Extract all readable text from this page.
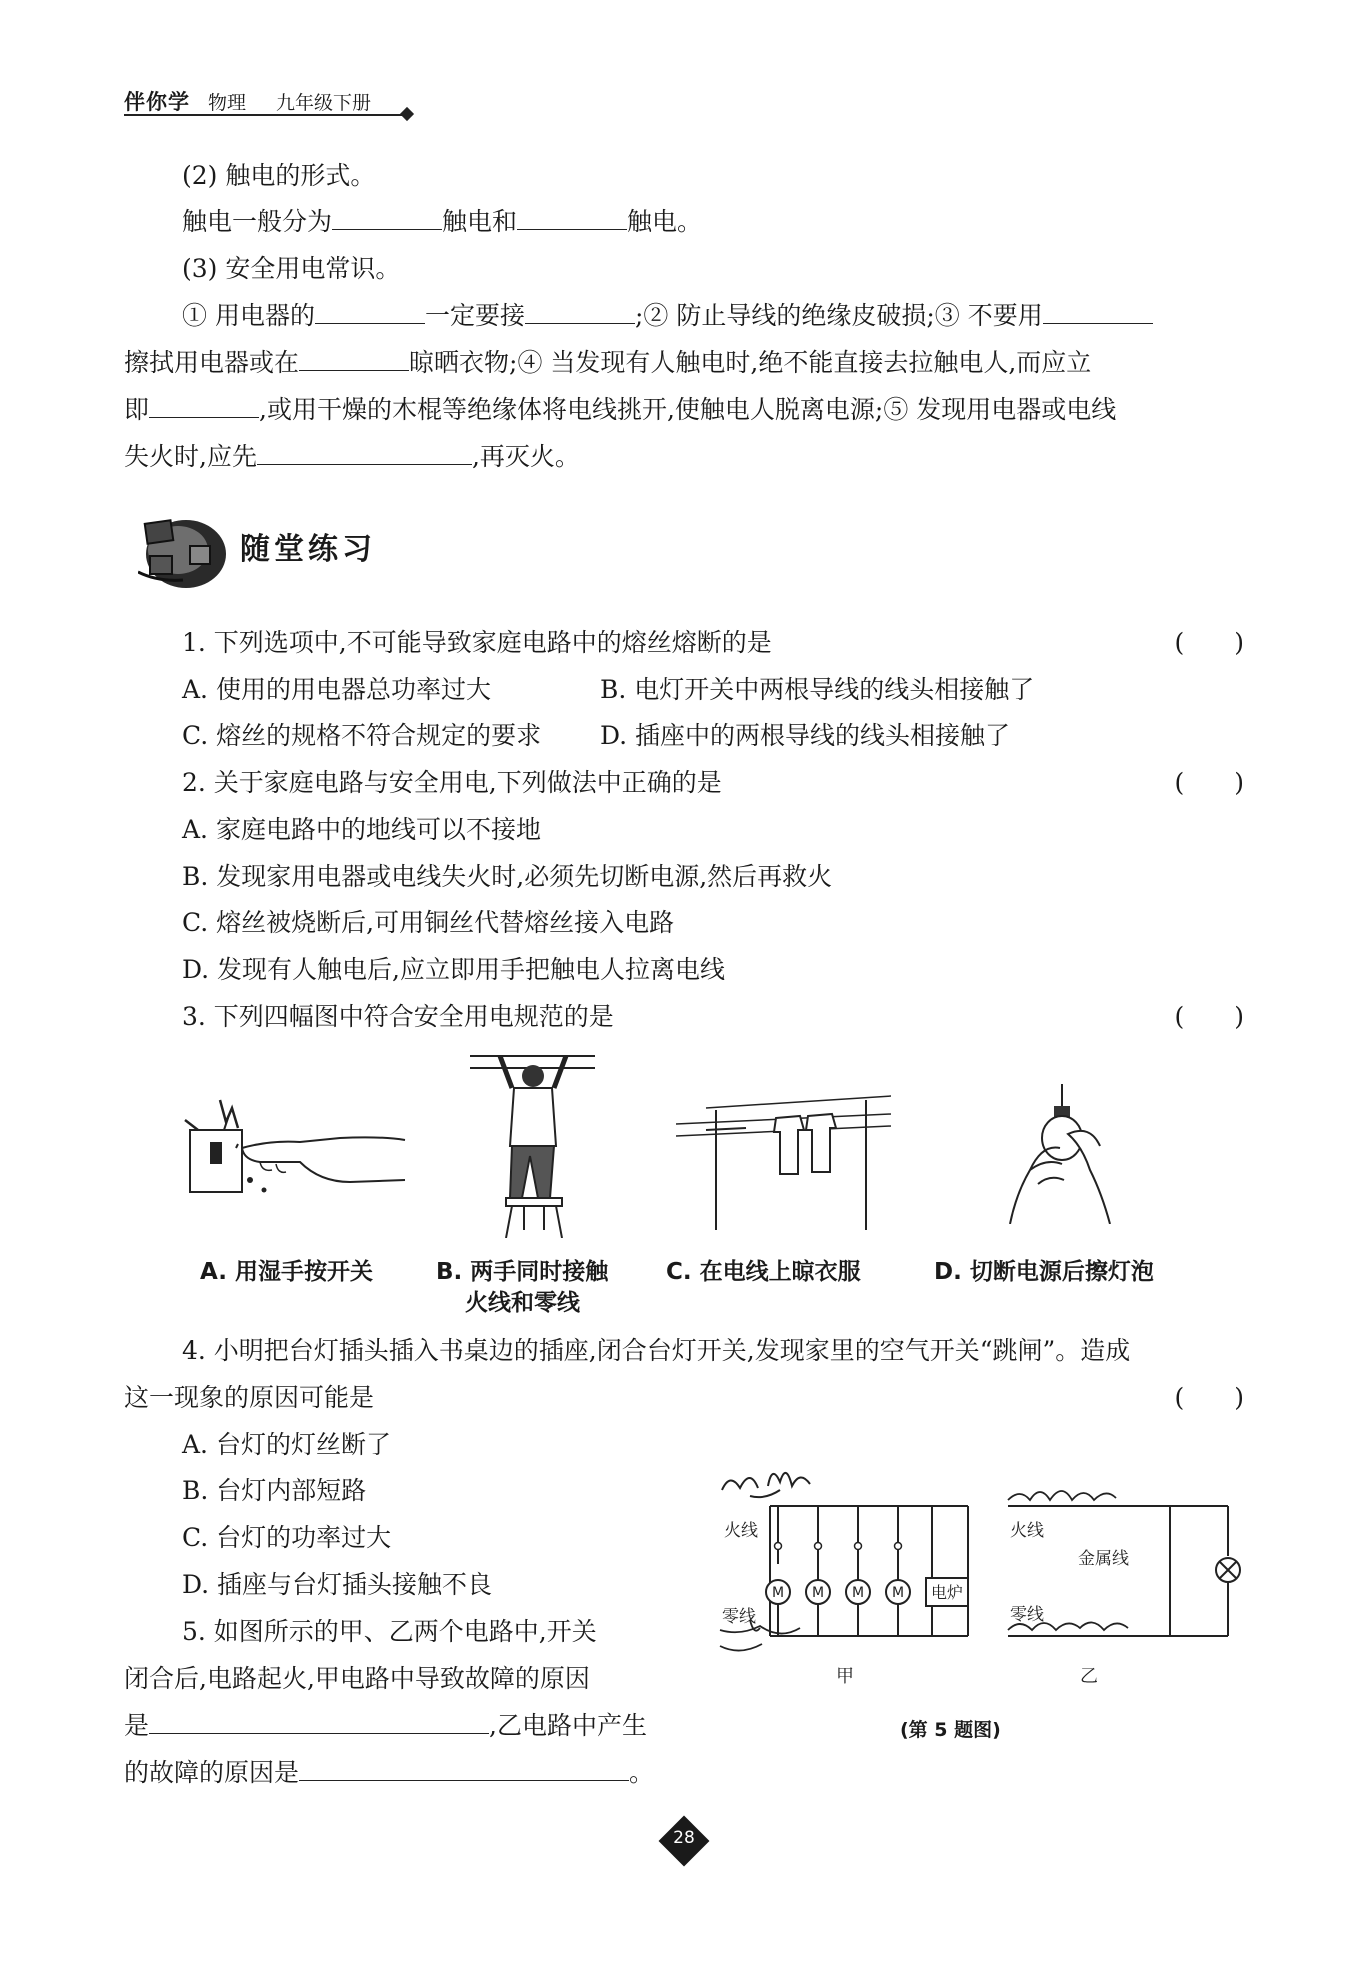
伴你学 物理 九年级下册
(2) 触电的形式。
触电一般分为	触电和	触电。
(3) 安全用电常识。
① 用电器的	一定要接	;② 防止导线的绝缘皮破损;③ 不要用
擦拭用电器或在	晾晒衣物;④ 当发现有人触电时,绝不能直接去拉触电人,而应立
即	,或用干燥的木棍等绝缘体将电线挑开,使触电人脱离电源;⑤ 发现用电器或电线
失火时,应先	,再灭火。
随堂练习
1. 下列选项中,不可能导致家庭电路中的熔丝熔断的是	(　　)
A. 使用的用电器总功率过大	B. 电灯开关中两根导线的线头相接触了
C. 熔丝的规格不符合规定的要求 D. 插座中的两根导线的线头相接触了
2. 关于家庭电路与安全用电,下列做法中正确的是	(　　)
A. 家庭电路中的地线可以不接地
B. 发现家用电器或电线失火时,必须先切断电源,然后再救火
C. 熔丝被烧断后,可用铜丝代替熔丝接入电路
D. 发现有人触电后,应立即用手把触电人拉离电线
3. 下列四幅图中符合安全用电规范的是	(　　)
A. 用湿手按开关	B. 两手同时接触
火线和零线
C. 在电线上晾衣服	D. 切断电源后擦灯泡
4. 小明把台灯插头插入书桌边的插座,闭合台灯开关,发现家里的空气开关“跳闸”。造成
这一现象的原因可能是	(　　)
A. 台灯的灯丝断了
B. 台灯内部短路
C. 台灯的功率过大
D. 插座与台灯插头接触不良
5. 如图所示的甲、乙两个电路中,开关
闭合后,电路起火,甲电路中导致故障的原因
是	,乙电路中产生
的故障的原因是	。
M M M M 电炉
火线
零线
甲
火线
零线
金属线
乙
(第 5 题图)
28
